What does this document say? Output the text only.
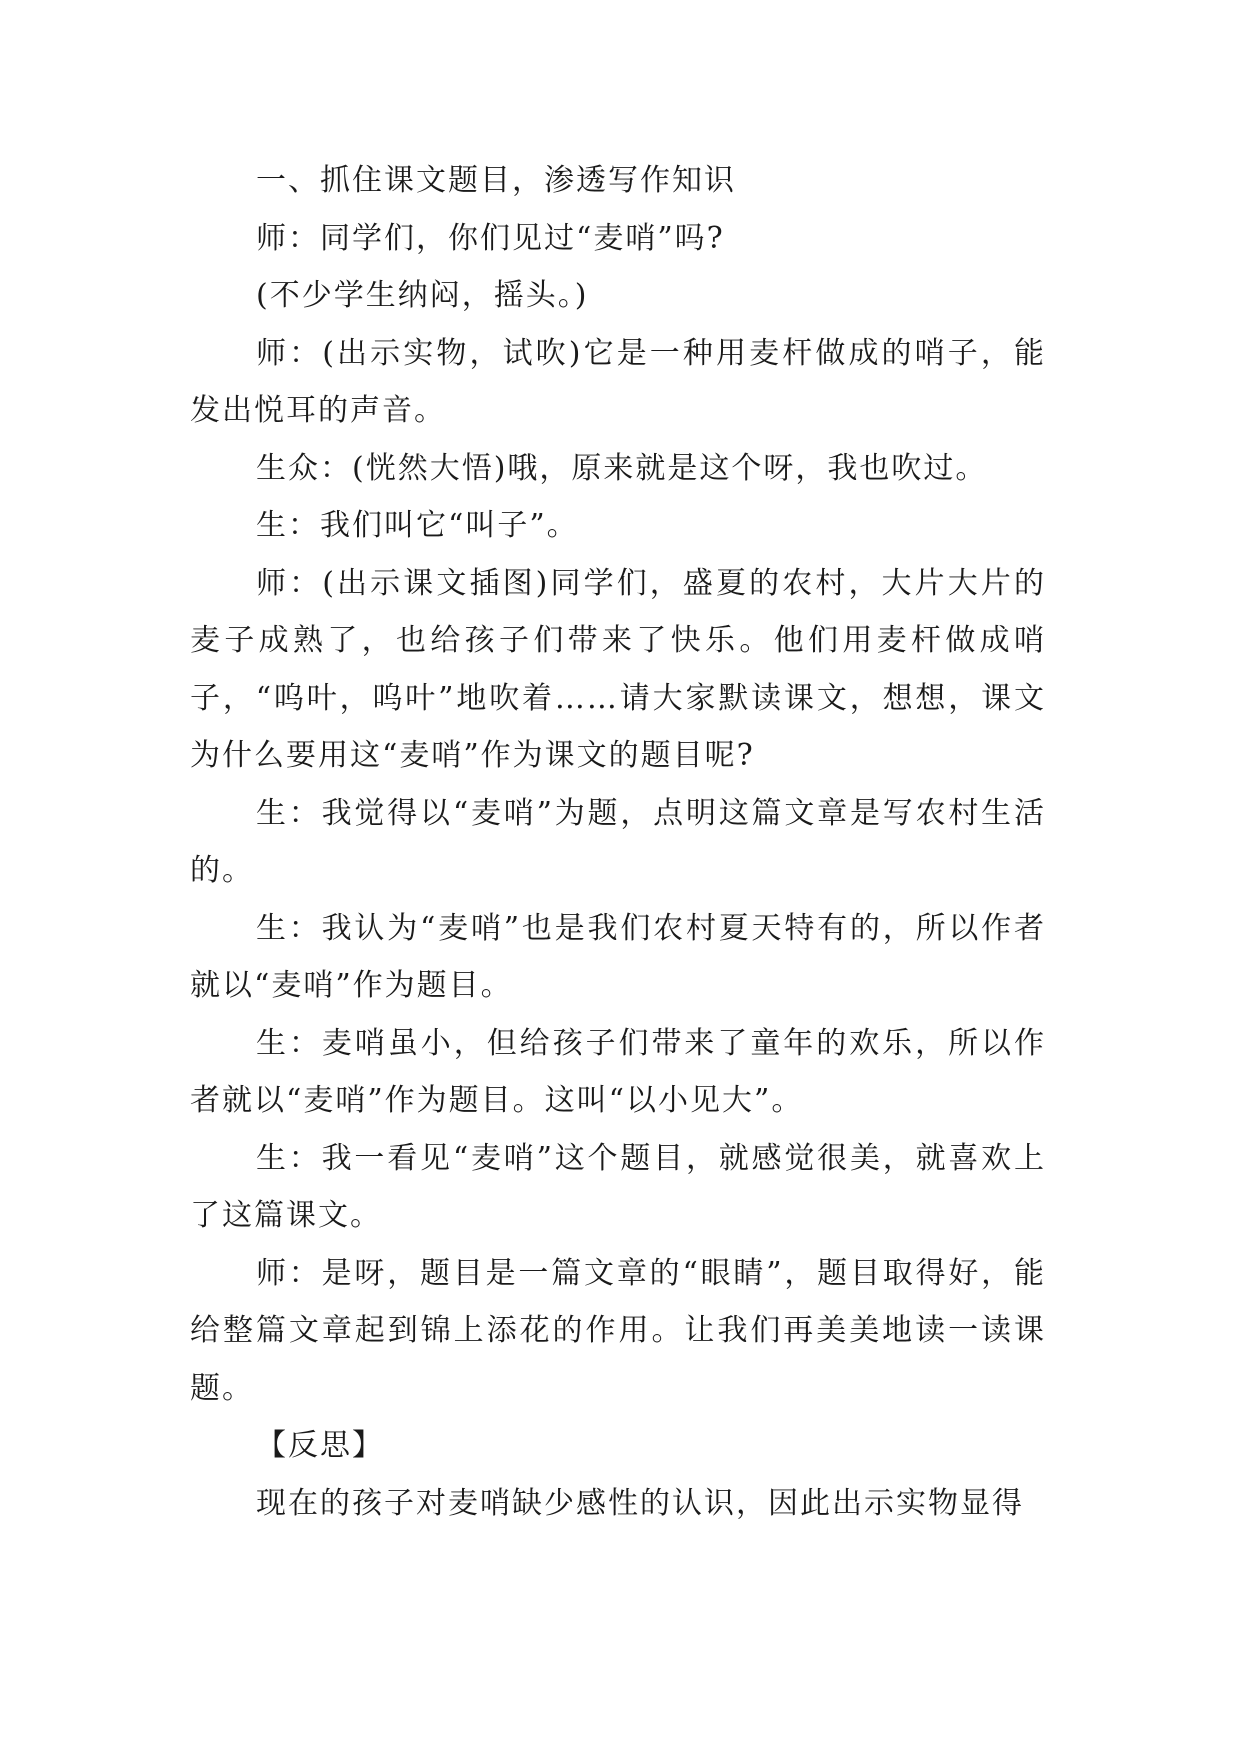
一、抓住课文题目，渗透写作知识

师：同学们，你们见过“麦哨”吗?

(不少学生纳闷，摇头。)

师：(出示实物，试吹)它是一种用麦杆做成的哨子，能发出悦耳的声音。

生众：(恍然大悟)哦，原来就是这个呀，我也吹过。

生：我们叫它“叫子”。

师：(出示课文插图)同学们，盛夏的农村，大片大片的麦子成熟了，也给孩子们带来了快乐。他们用麦杆做成哨子，“呜叶，呜叶”地吹着……请大家默读课文，想想，课文为什么要用这“麦哨”作为课文的题目呢?

生：我觉得以“麦哨”为题，点明这篇文章是写农村生活的。

生：我认为“麦哨”也是我们农村夏天特有的，所以作者就以“麦哨”作为题目。

生：麦哨虽小，但给孩子们带来了童年的欢乐，所以作者就以“麦哨”作为题目。这叫“以小见大”。

生：我一看见“麦哨”这个题目，就感觉很美，就喜欢上了这篇课文。

师：是呀，题目是一篇文章的“眼睛”，题目取得好，能给整篇文章起到锦上添花的作用。让我们再美美地读一读课题。

【反思】

现在的孩子对麦哨缺少感性的认识，因此出示实物显得
